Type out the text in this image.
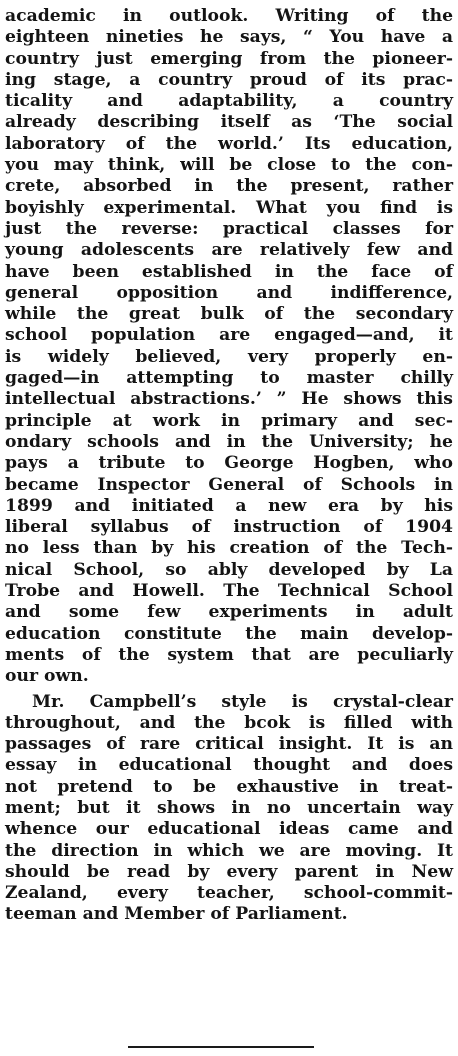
academic in outlook. Writing of the
eighteen nineties he says, “ You have a
country just emerging from the pioneer-
ing stage, a country proud of its prac-
ticality and adaptability, a country
already describing itself as ‘The social
laboratory of the world.’ Its education,
you may think, will be close to the con-
crete, absorbed in the present, rather
boyishly experimental. What you find is
just the reverse: practical classes for
young adolescents are relatively few and
have been established in the face of
general opposition and indifference,
while the great bulk of the secondary
school population are engaged—and, it
is widely believed, very properly en-
gaged—in attempting to master chilly
intellectual abstractions.’ ” He shows this
principle at work in primary and sec-
ondary schools and in the University; he
pays a tribute to George Hogben, who
became Inspector General of Schools in
1899 and initiated a new era by his
liberal syllabus of instruction of 1904
no less than by his creation of the Tech-
nical School, so ably developed by La
Trobe and Howell. The Technical School
and some few experiments in adult
education constitute the main develop-
ments of the system that are peculiarly
our own.
Mr. Campbell’s style is crystal-clear
throughout, and the bcok is filled with
passages of rare critical insight. It is an
essay in educational thought and does
not pretend to be exhaustive in treat-
ment; but it shows in no uncertain way
whence our educational ideas came and
the direction in which we are moving. It
should be read by every parent in New
Zealand, every teacher, school-commit-
teeman and Member of Parliament.
